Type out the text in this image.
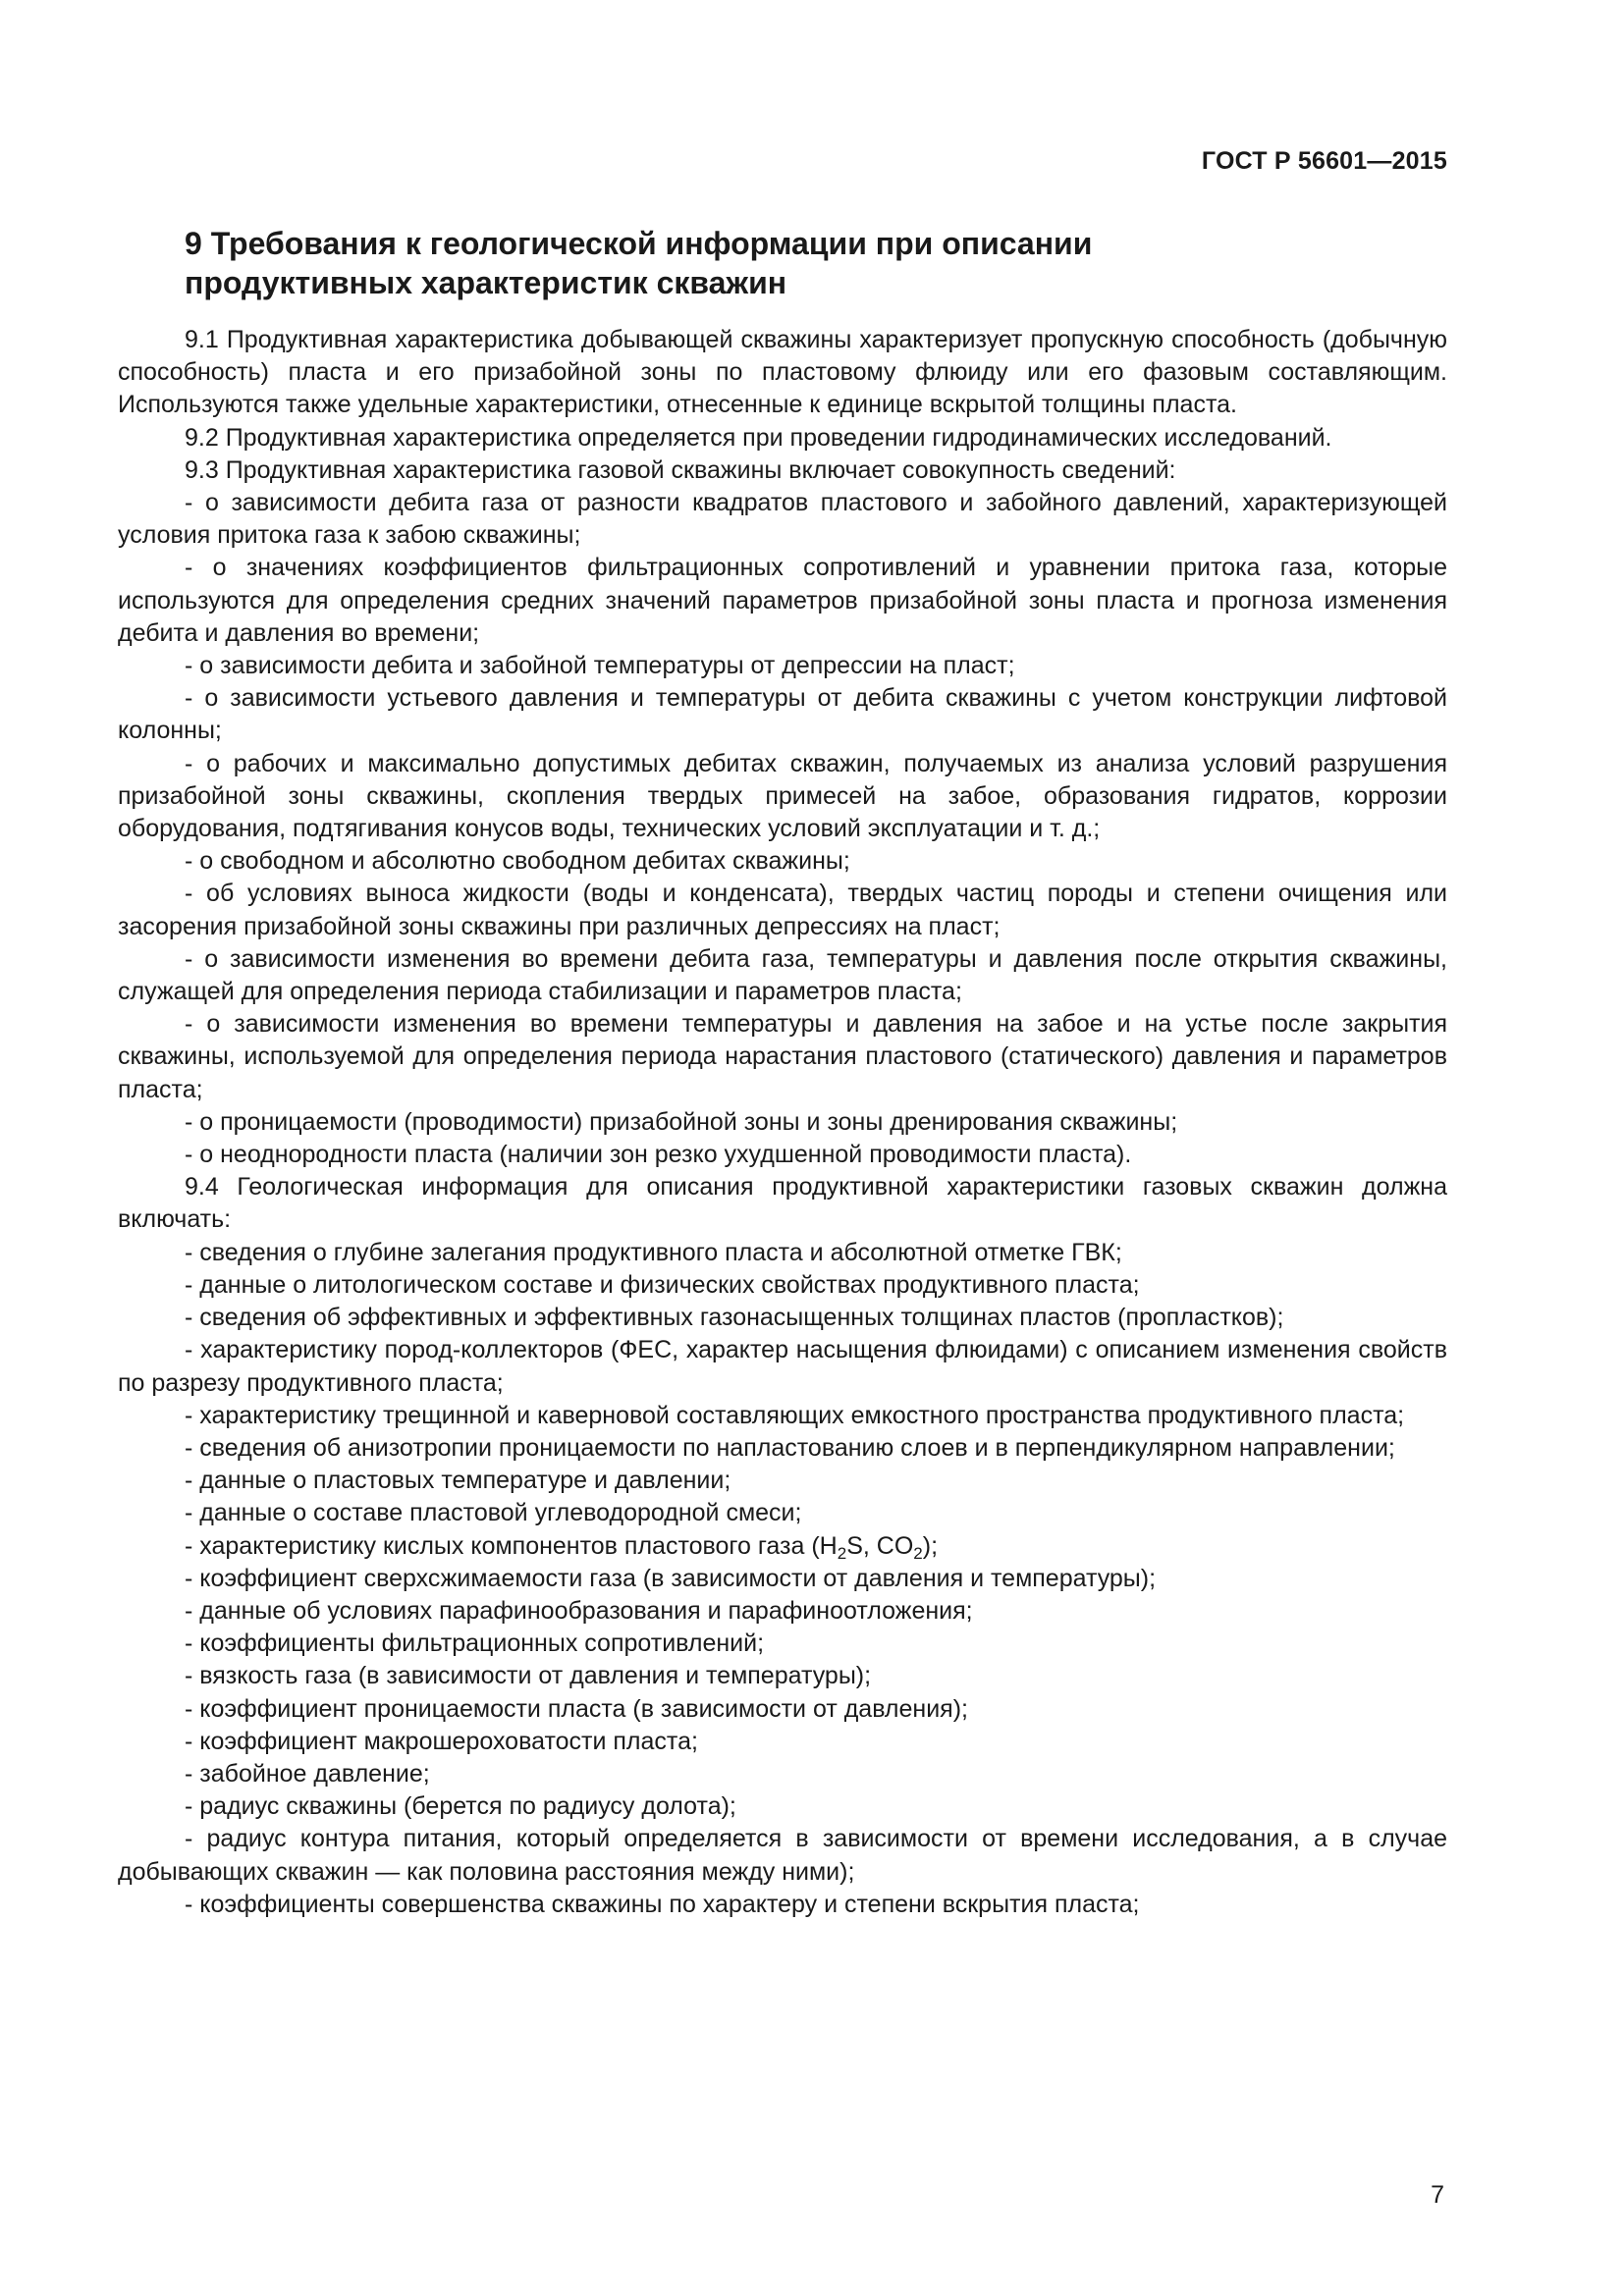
ГОСТ Р 56601—2015
9 Требования к геологической информации при описании
продуктивных характеристик скважин

9.1 Продуктивная характеристика добывающей скважины характеризует пропускную способность (добычную способность) пласта и его призабойной зоны по пластовому флюиду или его фазовым составляющим. Используются также удельные характеристики, отнесенные к единице вскрытой толщины пласта.

9.2 Продуктивная характеристика определяется при проведении гидродинамических исследований.

9.3 Продуктивная характеристика газовой скважины включает совокупность сведений:

- о зависимости дебита газа от разности квадратов пластового и забойного давлений, характеризующей условия притока газа к забою скважины;

- о значениях коэффициентов фильтрационных сопротивлений и уравнении притока газа, которые используются для определения средних значений параметров призабойной зоны пласта и прогноза изменения дебита и давления во времени;

- о зависимости дебита и забойной температуры от депрессии на пласт;

- о зависимости устьевого давления и температуры от дебита скважины с учетом конструкции лифтовой колонны;

- о рабочих и максимально допустимых дебитах скважин, получаемых из анализа условий разрушения призабойной зоны скважины, скопления твердых примесей на забое, образования гидратов, коррозии оборудования, подтягивания конусов воды, технических условий эксплуатации и т. д.;

- о свободном и абсолютно свободном дебитах скважины;

- об условиях выноса жидкости (воды и конденсата), твердых частиц породы и степени очищения или засорения призабойной зоны скважины при различных депрессиях на пласт;

- о зависимости изменения во времени дебита газа, температуры и давления после открытия скважины, служащей для определения периода стабилизации и параметров пласта;

- о зависимости изменения во времени температуры и давления на забое и на устье после закрытия скважины, используемой для определения периода нарастания пластового (статического) давления и параметров пласта;

- о проницаемости (проводимости) призабойной зоны и зоны дренирования скважины;

- о неоднородности пласта (наличии зон резко ухудшенной проводимости пласта).

9.4 Геологическая информация для описания продуктивной характеристики газовых скважин должна включать:

- сведения о глубине залегания продуктивного пласта и абсолютной отметке ГВК;

- данные о литологическом составе и физических свойствах продуктивного пласта;

- сведения об эффективных и эффективных газонасыщенных толщинах пластов (пропластков);

- характеристику пород-коллекторов (ФЕС, характер насыщения флюидами) с описанием изменения свойств по разрезу продуктивного пласта;

- характеристику трещинной и каверновой составляющих емкостного пространства продуктивного пласта;

- сведения об анизотропии проницаемости по напластованию слоев и в перпендикулярном направлении;

- данные о пластовых температуре и давлении;

- данные о составе пластовой углеводородной смеси;

- характеристику кислых компонентов пластового газа ($H_2S$, $CO_2$);

- коэффициент сверхсжимаемости газа (в зависимости от давления и температуры);

- данные об условиях парафинообразования и парафиноотложения;

- коэффициенты фильтрационных сопротивлений;

- вязкость газа (в зависимости от давления и температуры);

- коэффициент проницаемости пласта (в зависимости от давления);

- коэффициент макрошероховатости пласта;

- забойное давление;

- радиус скважины (берется по радиусу долота);

- радиус контура питания, который определяется в зависимости от времени исследования, а в случае добывающих скважин — как половина расстояния между ними);

- коэффициенты совершенства скважины по характеру и степени вскрытия пласта;

7
